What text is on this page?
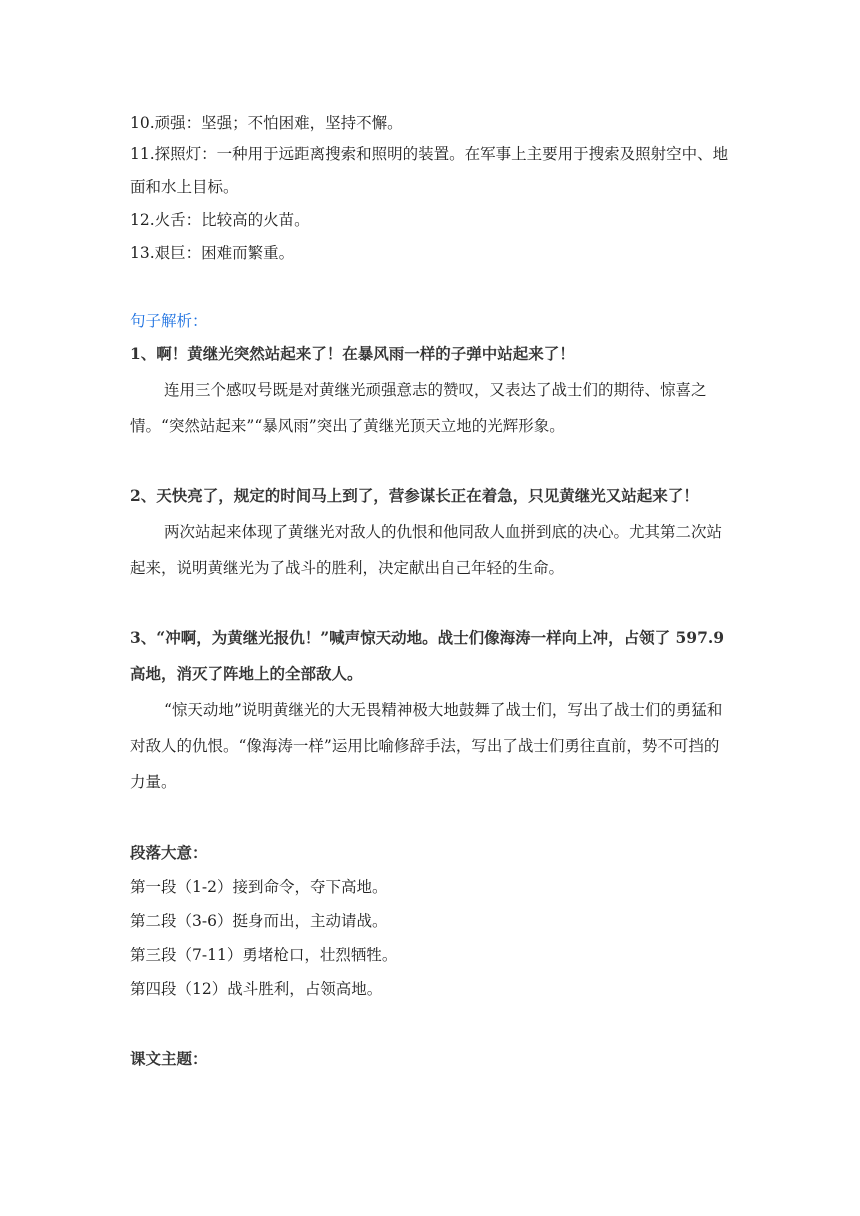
10.顽强：坚强；不怕困难，坚持不懈。
11.探照灯：一种用于远距离搜索和照明的装置。在军事上主要用于搜索及照射空中、地面和水上目标。
12.火舌：比较高的火苗。
13.艰巨：困难而繁重。
句子解析：
1、啊！黄继光突然站起来了！在暴风雨一样的子弹中站起来了！
连用三个感叹号既是对黄继光顽强意志的赞叹，又表达了战士们的期待、惊喜之情。“突然站起来”“暴风雨”突出了黄继光顶天立地的光辉形象。
2、天快亮了，规定的时间马上到了，营参谋长正在着急，只见黄继光又站起来了！
两次站起来体现了黄继光对敌人的仇恨和他同敌人血拼到底的决心。尤其第二次站起来，说明黄继光为了战斗的胜利，决定献出自己年轻的生命。
3、“冲啊，为黄继光报仇！”喊声惊天动地。战士们像海涛一样向上冲，占领了 597.9 高地，消灭了阵地上的全部敌人。
“惊天动地”说明黄继光的大无畏精神极大地鼓舞了战士们，写出了战士们的勇猛和对敌人的仇恨。“像海涛一样”运用比喻修辞手法，写出了战士们勇往直前，势不可挡的力量。
段落大意：
第一段（1-2）接到命令，夺下高地。
第二段（3-6）挺身而出，主动请战。
第三段（7-11）勇堵枪口，壮烈牺牲。
第四段（12）战斗胜利，占领高地。
课文主题：
